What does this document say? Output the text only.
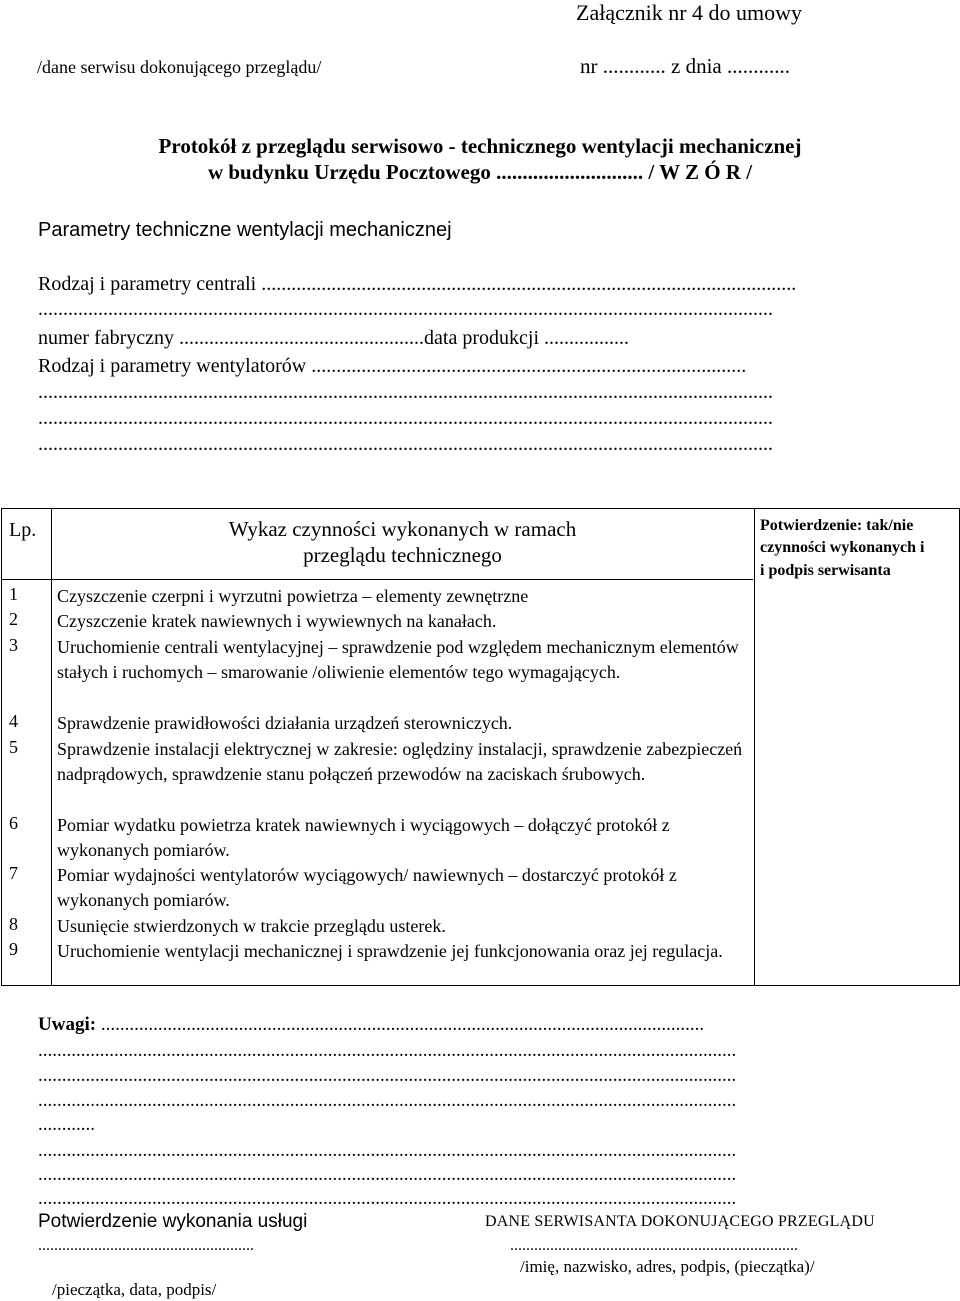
Załącznik nr 4 do umowy
/dane serwisu dokonującego przeglądu/	nr ............ z dnia ............
Protokół z przeglądu serwisowo - technicznego wentylacji mechanicznej
w budynku Urzędu Pocztowego ............................ / W Z Ó R /
Parametry techniczne wentylacji mechanicznej
Rodzaj i parametry centrali ...........................................................................................................
...................................................................................................................................................
numer fabryczny .................................................data produkcji .................
Rodzaj i parametry wentylatorów .......................................................................................
...................................................................................................................................................
...................................................................................................................................................
...................................................................................................................................................
Lp.	Wykaz czynności wykonanych w ramach
przeglądu technicznego
Potwierdzenie: tak/nie
czynności wykonanych i
i podpis serwisanta
1 Czyszczenie czerpni i wyrzutni powietrza – elementy zewnętrzne
2 Czyszczenie kratek nawiewnych i wywiewnych na kanałach.
3 Uruchomienie centrali wentylacyjnej – sprawdzenie pod względem mechanicznym elementów stałych i ruchomych – smarowanie /oliwienie elementów tego wymagających.
4 Sprawdzenie prawidłowości działania urządzeń sterowniczych.
5 Sprawdzenie instalacji elektrycznej w zakresie: oględziny instalacji, sprawdzenie zabezpieczeń nadprądowych, sprawdzenie stanu połączeń przewodów na zaciskach śrubowych.
6 Pomiar wydatku powietrza kratek nawiewnych i wyciągowych – dołączyć protokół z wykonanych pomiarów.
7 Pomiar wydajności wentylatorów wyciągowych/ nawiewnych – dostarczyć protokół z wykonanych pomiarów.
8 Usunięcie stwierdzonych w trakcie przeglądu usterek.
9 Uruchomienie wentylacji mechanicznej i sprawdzenie jej funkcjonowania oraz jej regulacja.
Uwagi: ...............................................................................................................................
...................................................................................................................................................
...................................................................................................................................................
...................................................................................................................................................
............
...................................................................................................................................................
...................................................................................................................................................
...................................................................................................................................................
Potwierdzenie wykonania usługi
......................................................
/pieczątka, data, podpis/
DANE SERWISANTA DOKONUJĄCEGO PRZEGLĄDU
........................................................................
/imię, nazwisko, adres, podpis, (pieczątka)/
